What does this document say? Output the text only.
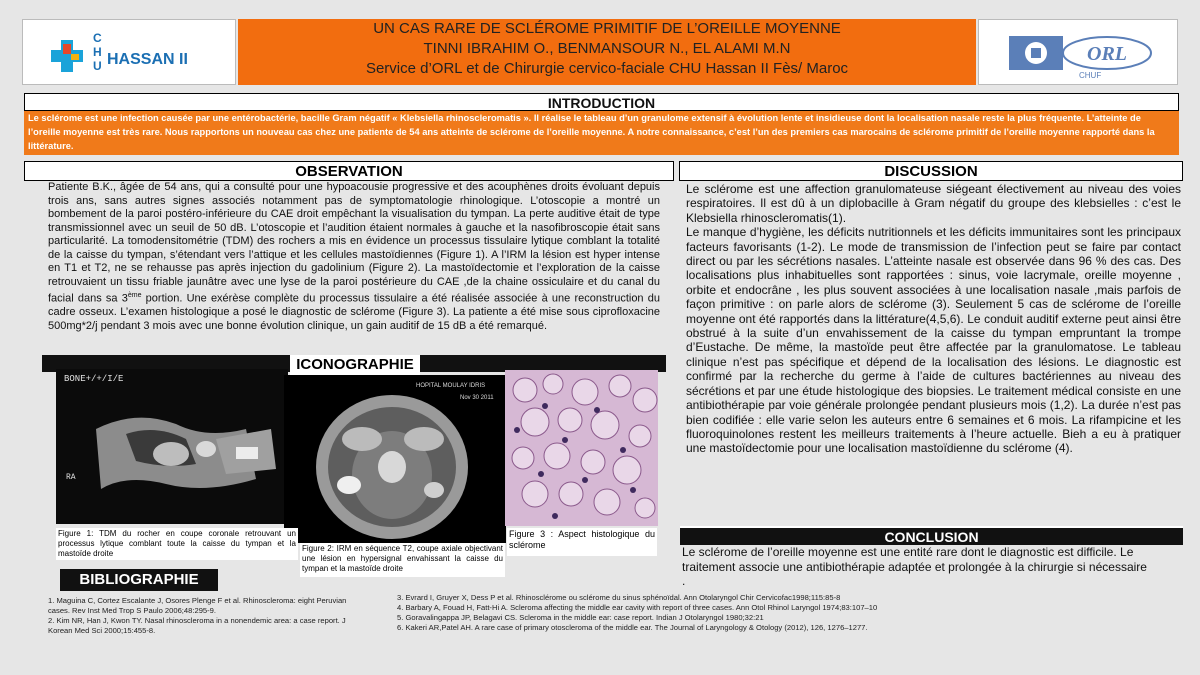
C
H
U HASSAN II
UN CAS RARE DE SCLÉROME PRIMITIF DE L’OREILLE MOYENNE
TINNI IBRAHIM O., BENMANSOUR N., EL ALAMI M.N
Service d’ORL et de Chirurgie cervico-faciale CHU Hassan II Fès/ Maroc
ORL
CHUF
INTRODUCTION
Le sclérome est une infection causée par une entérobactérie, bacille Gram négatif « Klebsiella rhinoscleromatis ». Il réalise le tableau d’un granulome extensif à évolution lente et insidieuse dont la localisation nasale reste la plus fréquente. L’atteinte de l’oreille moyenne est très rare. Nous rapportons un nouveau cas chez une patiente de 54 ans atteinte de sclérome de l’oreille moyenne. A notre connaissance, c’est l’un des premiers cas marocains de sclérome primitif de l’oreille moyenne rapporté dans la littérature.
OBSERVATION
Patiente B.K., âgée de 54 ans, qui a consulté pour une hypoacousie progressive et des acouphènes droits évoluant depuis trois ans, sans autres signes associés notamment pas de symptomatologie rhinologique. L’otoscopie a montré un bombement de la paroi postéro-inférieure du CAE droit empêchant la visualisation du tympan. La perte auditive était de type transmissionnel avec un seuil de 50 dB. L’otoscopie et l’audition étaient normales à gauche et la nasofibroscopie était sans particularité. La tomodensitométrie (TDM) des rochers a mis en évidence un processus tissulaire lytique comblant la totalité de la caisse du tympan, s’étendant vers l’attique et les cellules mastoïdiennes (Figure 1). A l’IRM la lésion est hyper intense en T1 et T2, ne se rehausse pas après injection du gadolinium (Figure 2). La mastoïdectomie et l’exploration de la caisse retrouvaient un tissu friable jaunâtre avec une lyse de la paroi postérieure du CAE ,de la chaine ossiculaire et du canal du facial dans sa 3ème portion. Une exérèse complète du processus tissulaire a été réalisée associée à une reconstruction du cadre osseux. L’examen histologique a posé le diagnostic de sclérome (Figure 3). La patiente a été mise sous ciprofloxacine 500mg*2/j pendant 3 mois avec une bonne évolution clinique, un gain auditif de 15 dB a été remarqué.
DISCUSSION
Le sclérome est une affection granulomateuse siégeant électivement au niveau des voies respiratoires. Il est dû à un diplobacille à Gram négatif du groupe des klebsielles : c’est le Klebsiella rhinoscleromatis(1).
Le manque d’hygiène, les déficits nutritionnels et les déficits immunitaires sont les principaux facteurs favorisants (1-2). Le mode de transmission de l’infection peut se faire par contact direct ou par les sécrétions nasales. L’atteinte nasale est observée dans 96 % des cas. Des localisations plus inhabituelles sont rapportées : sinus, voie lacrymale, oreille moyenne , orbite et endocrâne , les plus souvent associées à une localisation nasale ,mais parfois de façon primitive : on parle alors de sclérome (3). Seulement 5 cas de sclérome de l’oreille moyenne ont été rapportés dans la littérature(4,5,6). Le conduit auditif externe peut ainsi être obstrué à la suite d’un envahissement de la caisse du tympan empruntant la trompe d’Eustache. De même, la mastoïde peut être affectée par la granulomatose. Le tableau clinique n’est pas spécifique et dépend de la localisation des lésions. Le diagnostic est confirmé par la recherche du germe à l’aide de cultures bactériennes au niveau des sécrétions et par une étude histologique des biopsies. Le traitement médical consiste en une antibiothérapie par voie générale prolongée pendant plusieurs mois (1,2). La durée n’est pas bien codifiée : elle varie selon les auteurs entre 6 semaines et 6 mois. La rifampicine et les fluoroquinolones restent les meilleurs traitements à l’heure actuelle. Bieh a eu à pratiquer une mastoïdectomie pour une localisation mastoïdienne du sclérome (4).
ICONOGRAPHIE
BONE+/+/I/E
RA
HOPITAL MOULAY IDRIS
Nov 30 2011
Figure 1: TDM du rocher en coupe coronale retrouvant un processus lytique comblant toute la caisse du tympan et la mastoïde droite
Figure 2: IRM en séquence T2, coupe axiale objectivant une lésion en hypersignal envahissant la caisse du tympan et la mastoïde droite
Figure 3 : Aspect histologique du sclérome	CONCLUSION
Le sclérome de l’oreille moyenne est une entité rare dont le diagnostic est difficile. Le traitement associe une antibiothérapie adaptée et prolongée à la chirurgie si nécessaire .
BIBLIOGRAPHIE
1. Maguina C, Cortez Escalante J, Osores Plenge F et al. Rhinoscleroma: eight Peruvian cases. Rev Inst Med Trop S Paulo 2006;48:295-9.
2. Kim NR, Han J, Kwon TY. Nasal rhinoscleroma in a nonendemic area: a case report. J Korean Med Sci 2000;15:455-8.
3. Evrard I, Gruyer X, Dess P et al. Rhinosclérome ou sclérome du sinus sphénoïdal. Ann Otolaryngol Chir Cervicofac1998;115:85-8
4. Barbary A, Fouad H, Fatt-Hi A. Scleroma affecting the middle ear cavity with report of three cases. Ann Otol Rhinol Laryngol 1974;83:107–10
5. Goravalingappa JP, Belagavi CS. Scleroma in the middle ear: case report. Indian J Otolaryngol 1980;32:21
6. Kakeri AR,Patel AH. A rare case of primary otoscleroma of the middle ear. The Journal of Laryngology & Otology (2012), 126, 1276–1277.
